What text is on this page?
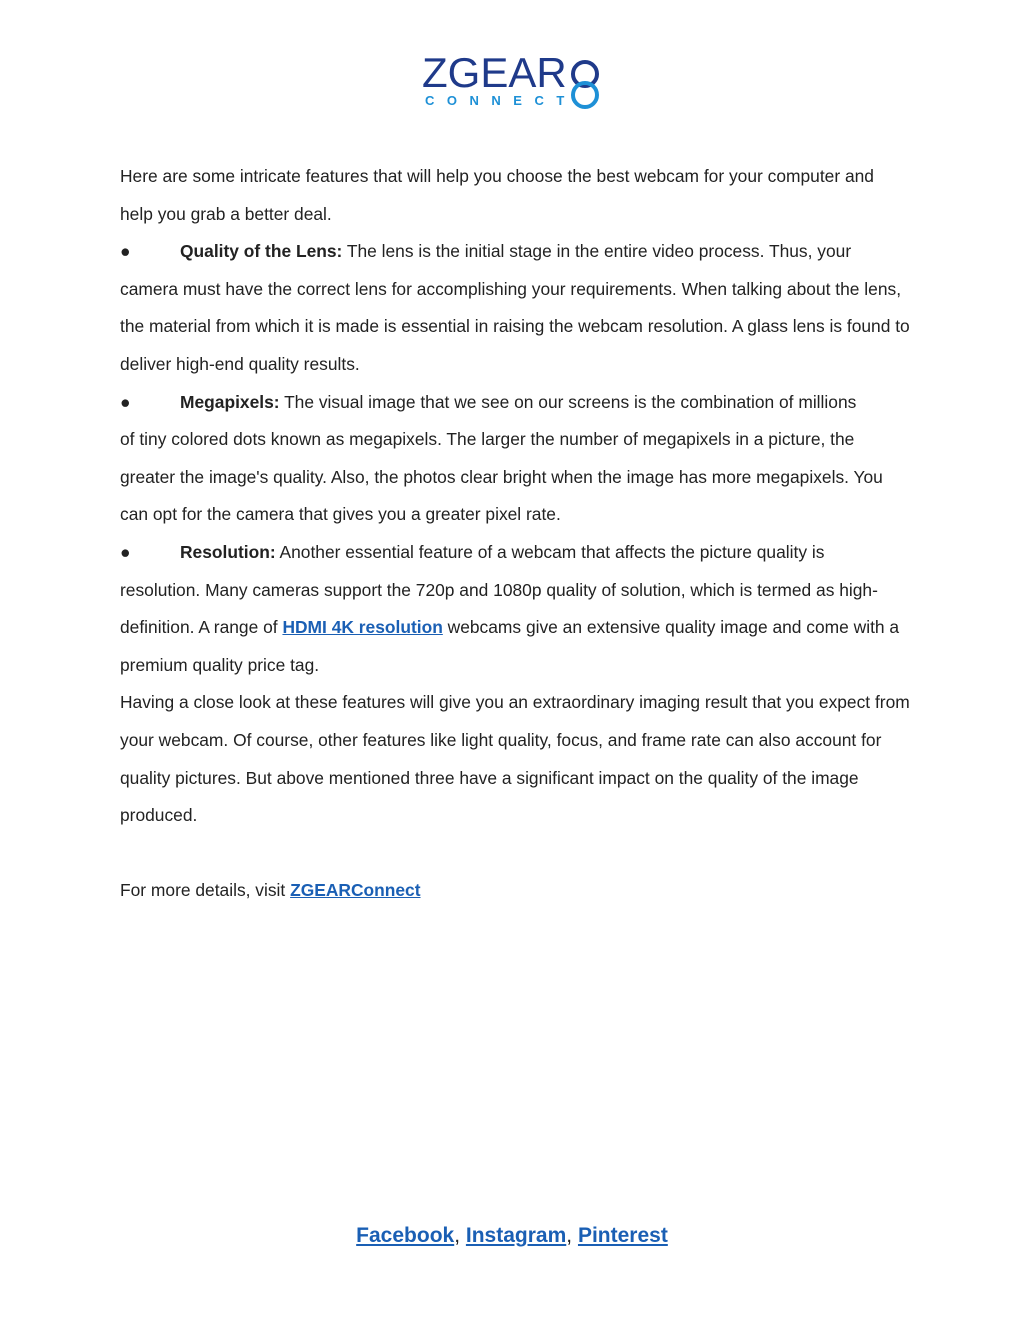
ZGEAR
CONNECT

Here are some intricate features that will help you choose the best webcam for your computer and help you grab a better deal.

●	Quality of the Lens: The lens is the initial stage in the entire video process. Thus, your

camera must have the correct lens for accomplishing your requirements. When talking about the lens, the material from which it is made is essential in raising the webcam resolution. A glass lens is found to deliver high-end quality results.

●	Megapixels: The visual image that we see on our screens is the combination of millions

of tiny colored dots known as megapixels. The larger the number of megapixels in a picture, the greater the image's quality. Also, the photos clear bright when the image has more megapixels. You can opt for the camera that gives you a greater pixel rate.

●	Resolution: Another essential feature of a webcam that affects the picture quality is

resolution. Many cameras support the 720p and 1080p quality of solution, which is termed as high-definition. A range of HDMI 4K resolution webcams give an extensive quality image and come with a premium quality price tag.

Having a close look at these features will give you an extraordinary imaging result that you expect from your webcam. Of course, other features like light quality, focus, and frame rate can also account for quality pictures. But above mentioned three have a significant impact on the quality of the image produced.

For more details, visit ZGEARConnect

Facebook, Instagram, Pinterest
